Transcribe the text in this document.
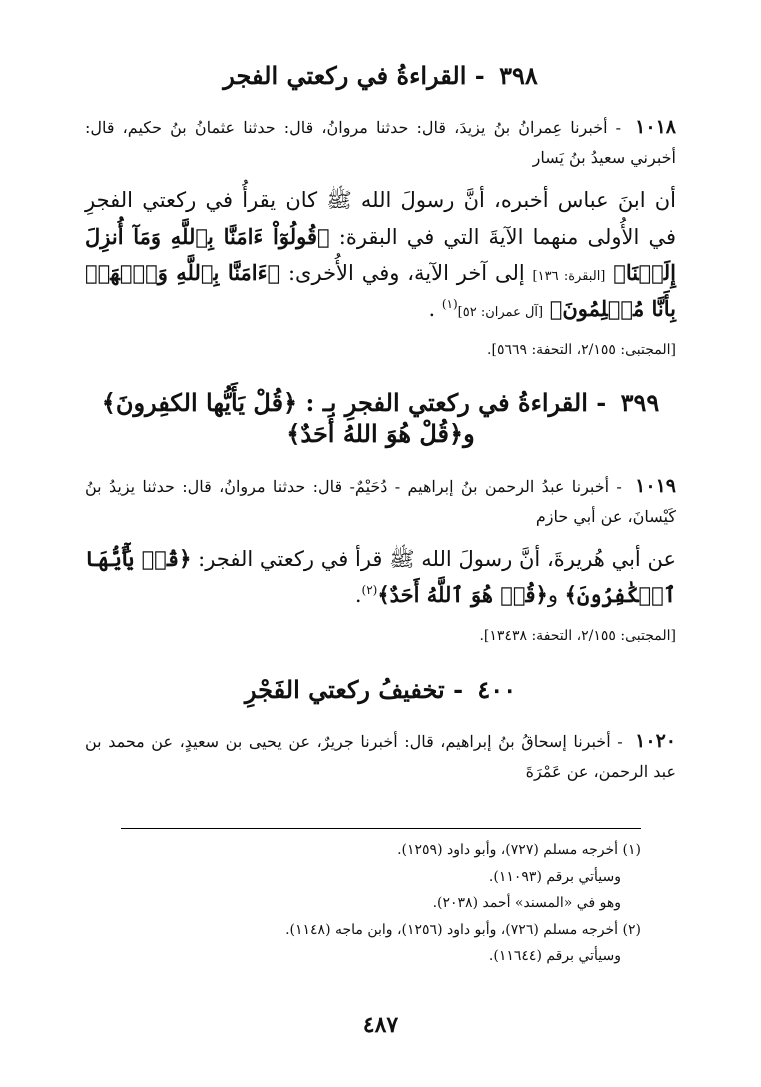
٣٩٨ - القراءةُ في ركعتي الفجر

١٠١٨ - أخبرنا عِمرانُ بنُ يزيدَ، قال: حدثنا مروانُ، قال: حدثنا عثمانُ بنُ حكيم، قال: أخبرني سعيدُ بنُ يَسار

أن ابنَ عباس أخبره، أنَّ رسولَ الله ﷺ كان يقرأُ في ركعتي الفجرِ في الأُولى منهما الآيةَ التي في البقرة: ﴿قُولُوٓاْ ءَامَنَّا بِٱللَّهِ وَمَآ أُنزِلَ إِلَيۡنَا﴾ [البقرة: ١٣٦] إلى آخر الآية، وفي الأُخرى: ﴿ءَامَنَّا بِٱللَّهِ وَٱشۡهَدۡ بِأَنَّا مُسۡلِمُونَ﴾ [آل عمران: ٥٢]$^{(١)}$ .

[المجتبى: ٢/١٥٥، التحفة: ٥٦٦٩].

٣٩٩ - القراءةُ في ركعتي الفجرِ بـ : ﴿قُلْ يَأَيُّها الكفِرونَ﴾
و﴿قُلْ هُوَ اللهُ أَحَدٌ﴾

١٠١٩ - أخبرنا عبدُ الرحمن بنُ إبراهيم - دُحَيْمٌ- قال: حدثنا مروانُ، قال: حدثنا يزيدُ بنُ كَيْسانَ، عن أبي حازم

عن أبي هُريرةَ، أنَّ رسولَ الله ﷺ قرأ في ركعتي الفجر: ﴿قُلۡ يَٰٓأَيُّهَا ٱلۡكَٰفِرُونَ﴾ و﴿قُلۡ هُوَ ٱللَّهُ أَحَدٌ﴾$^{(٢)}$.

[المجتبى: ٢/١٥٥، التحفة: ١٣٤٣٨].

٤٠٠ - تخفيفُ ركعتي الفَجْرِ

١٠٢٠ - أخبرنا إسحاقُ بنُ إبراهيم، قال: أخبرنا جريرٌ، عن يحيى بن سعيدٍ، عن محمد بن عبد الرحمن، عن عَمْرَةَ

(١) أخرجه مسلم (٧٢٧)، وأبو داود (١٢٥٩).

وسيأتي برقم (١١٠٩٣).

وهو في «المسند» أحمد (٢٠٣٨).

(٢) أخرجه مسلم (٧٢٦)، وأبو داود (١٢٥٦)، وابن ماجه (١١٤٨).

وسيأتي برقم (١١٦٤٤).

٤٨٧
